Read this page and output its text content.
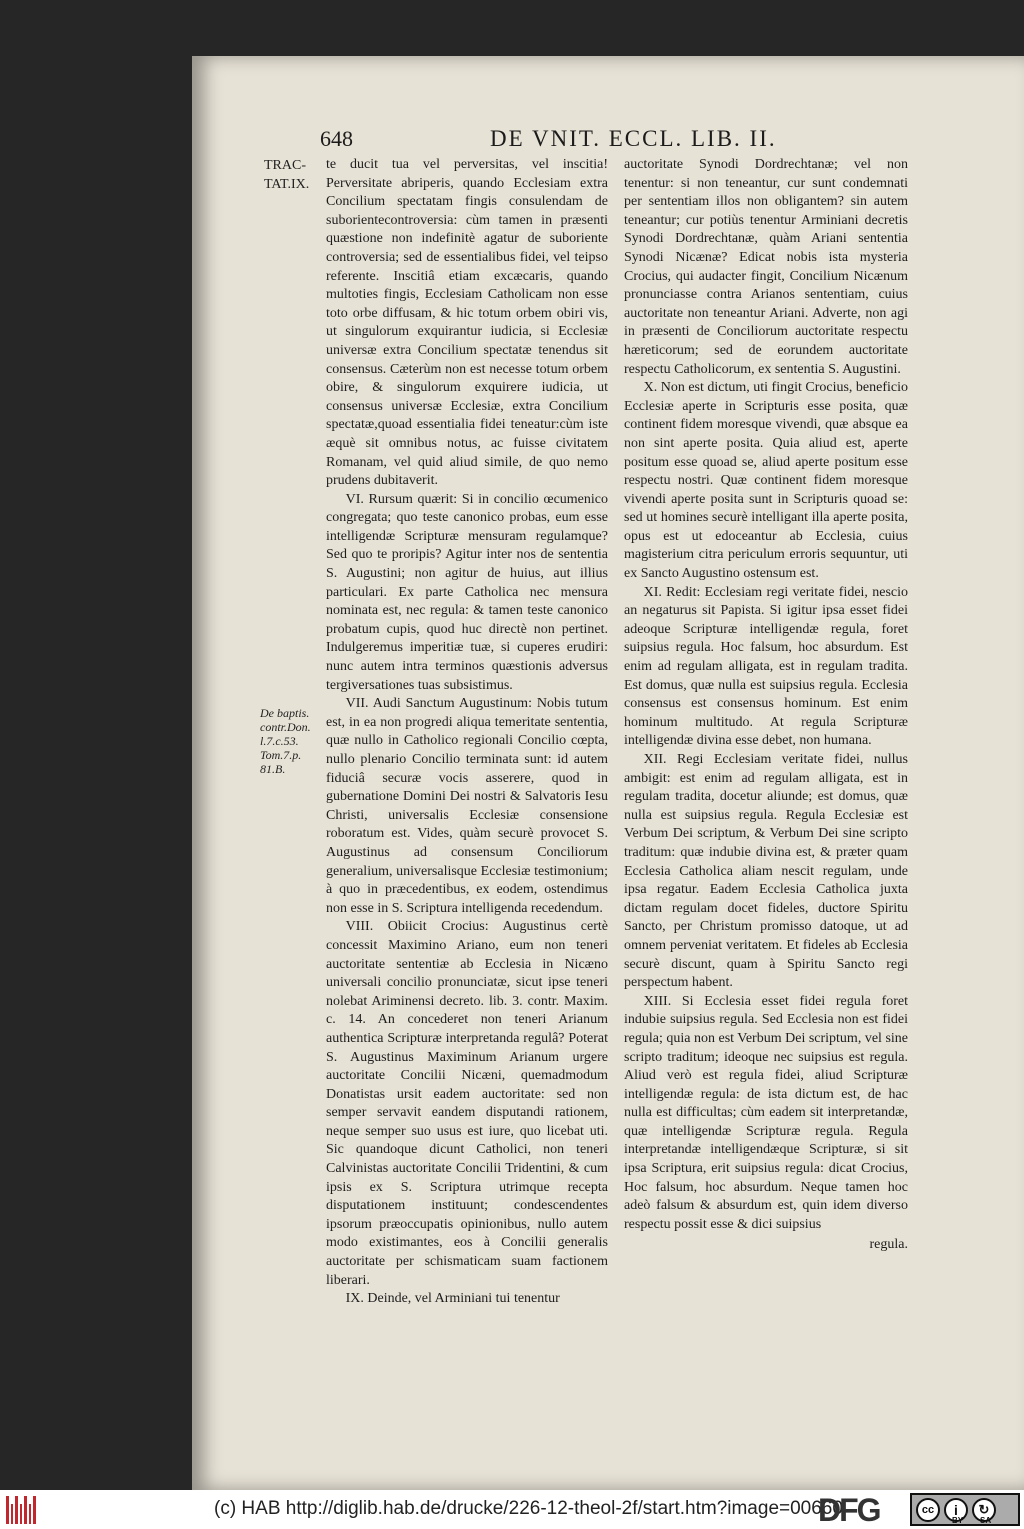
648	DE VNIT. ECCL. LIB. II.
TRAC-
TAT.IX.
De baptis.
contr.Don.
l.7.c.53.
Tom.7.p.
81.B.

te ducit tua vel perversitas, vel inscitia! Perversitate abriperis, quando Ecclesiam extra Concilium spectatam fingis consulendam de suborientecontroversia: cùm tamen in præsenti quæstione non indefinitè agatur de suboriente controversia; sed de essentialibus fidei, vel teipso referente. Inscitiâ etiam excæcaris, quando multoties fingis, Ecclesiam Catholicam non esse toto orbe diffusam, & hic totum orbem obiri vis, ut singulorum exquirantur iudicia, si Ecclesiæ universæ extra Concilium spectatæ tenendus sit consensus. Cæterùm non est necesse totum orbem obire, & singulorum exquirere iudicia, ut consensus universæ Ecclesiæ, extra Concilium spectatæ,quoad essentialia fidei teneatur:cùm iste æquè sit omnibus notus, ac fuisse civitatem Romanam, vel quid aliud simile, de quo nemo prudens dubitaverit.

VI. Rursum quærit: Si in concilio œcumenico congregata; quo teste canonico probas, eum esse intelligendæ Scripturæ mensuram regulamque? Sed quo te proripis? Agitur inter nos de sententia S. Augustini; non agitur de huius, aut illius particulari. Ex parte Catholica nec mensura nominata est, nec regula: & tamen teste canonico probatum cupis, quod huc directè non pertinet. Indulgeremus imperitiæ tuæ, si cuperes erudiri: nunc autem intra terminos quæstionis adversus tergiversationes tuas subsistimus.

VII. Audi Sanctum Augustinum: Nobis tutum est, in ea non progredi aliqua temeritate sententia, quæ nullo in Catholico regionali Concilio cœpta, nullo plenario Concilio terminata sunt: id autem fiduciâ securæ vocis asserere, quod in gubernatione Domini Dei nostri & Salvatoris Iesu Christi, universalis Ecclesiæ consensione roboratum est. Vides, quàm securè provocet S. Augustinus ad consensum Conciliorum generalium, universalisque Ecclesiæ testimonium; à quo in præcedentibus, ex eodem, ostendimus non esse in S. Scriptura intelligenda recedendum.

VIII. Obiicit Crocius: Augustinus certè concessit Maximino Ariano, eum non teneri auctoritate sententiæ ab Ecclesia in Nicæno universali concilio pronunciatæ, sicut ipse teneri nolebat Ariminensi decreto. lib. 3. contr. Maxim. c. 14. An concederet non teneri Arianum authentica Scripturæ interpretanda regulâ? Poterat S. Augustinus Maximinum Arianum urgere auctoritate Concilii Nicæni, quemadmodum Donatistas ursit eadem auctoritate: sed non semper servavit eandem disputandi rationem, neque semper suo usus est iure, quo licebat uti. Sic quandoque dicunt Catholici, non teneri Calvinistas auctoritate Concilii Tridentini, & cum ipsis ex S. Scriptura utrimque recepta disputationem instituunt; condescendentes ipsorum præoccupatis opinionibus, nullo autem modo existimantes, eos à Concilii generalis auctoritate per schismaticam suam factionem liberari.

IX. Deinde, vel Arminiani tui tenentur

auctoritate Synodi Dordrechtanæ; vel non tenentur: si non teneantur, cur sunt condemnati per sententiam illos non obligantem? sin autem teneantur; cur potiùs tenentur Arminiani decretis Synodi Dordrechtanæ, quàm Ariani sententia Synodi Nicænæ? Edicat nobis ista mysteria Crocius, qui audacter fingit, Concilium Nicænum pronunciasse contra Arianos sententiam, cuius auctoritate non teneantur Ariani. Adverte, non agi in præsenti de Conciliorum auctoritate respectu hæreticorum; sed de eorundem auctoritate respectu Catholicorum, ex sententia S. Augustini.

X. Non est dictum, uti fingit Crocius, beneficio Ecclesiæ aperte in Scripturis esse posita, quæ continent fidem moresque vivendi, quæ absque ea non sint aperte posita. Quia aliud est, aperte positum esse quoad se, aliud aperte positum esse respectu nostri. Quæ continent fidem moresque vivendi aperte posita sunt in Scripturis quoad se: sed ut homines securè intelligant illa aperte posita, opus est ut edoceantur ab Ecclesia, cuius magisterium citra periculum erroris sequuntur, uti ex Sancto Augustino ostensum est.

XI. Redit: Ecclesiam regi veritate fidei, nescio an negaturus sit Papista. Si igitur ipsa esset fidei adeoque Scripturæ intelligendæ regula, foret suipsius regula. Hoc falsum, hoc absurdum. Est enim ad regulam alligata, est in regulam tradita. Est domus, quæ nulla est suipsius regula. Ecclesia consensus est consensus hominum. Est enim hominum multitudo. At regula Scripturæ intelligendæ divina esse debet, non humana.

XII. Regi Ecclesiam veritate fidei, nullus ambigit: est enim ad regulam alligata, est in regulam tradita, docetur aliunde; est domus, quæ nulla est suipsius regula. Regula Ecclesiæ est Verbum Dei scriptum, & Verbum Dei sine scripto traditum: quæ indubie divina est, & præter quam Ecclesia Catholica aliam nescit regulam, unde ipsa regatur. Eadem Ecclesia Catholica juxta dictam regulam docet fideles, ductore Spiritu Sancto, per Christum promisso datoque, ut ad omnem perveniat veritatem. Et fideles ab Ecclesia securè discunt, quam à Spiritu Sancto regi perspectum habent.

XIII. Si Ecclesia esset fidei regula foret indubie suipsius regula. Sed Ecclesia non est fidei regula; quia non est Verbum Dei scriptum, vel sine scripto traditum; ideoque nec suipsius est regula. Aliud verò est regula fidei, aliud Scripturæ intelligendæ regula: de ista dictum est, de hac nulla est difficultas; cùm eadem sit interpretandæ, quæ intelligendæ Scripturæ regula. Regula interpretandæ intelligendæque Scripturæ, si sit ipsa Scriptura, erit suipsius regula: dicat Crocius, Hoc falsum, hoc absurdum. Neque tamen hoc adeò falsum & absurdum est, quin idem diverso respectu possit esse & dici suipsius

regula.

(c) HAB http://diglib.hab.de/drucke/226-12-theol-2f/start.htm?image=00660
DFG	cc	i	↻
BY SA
